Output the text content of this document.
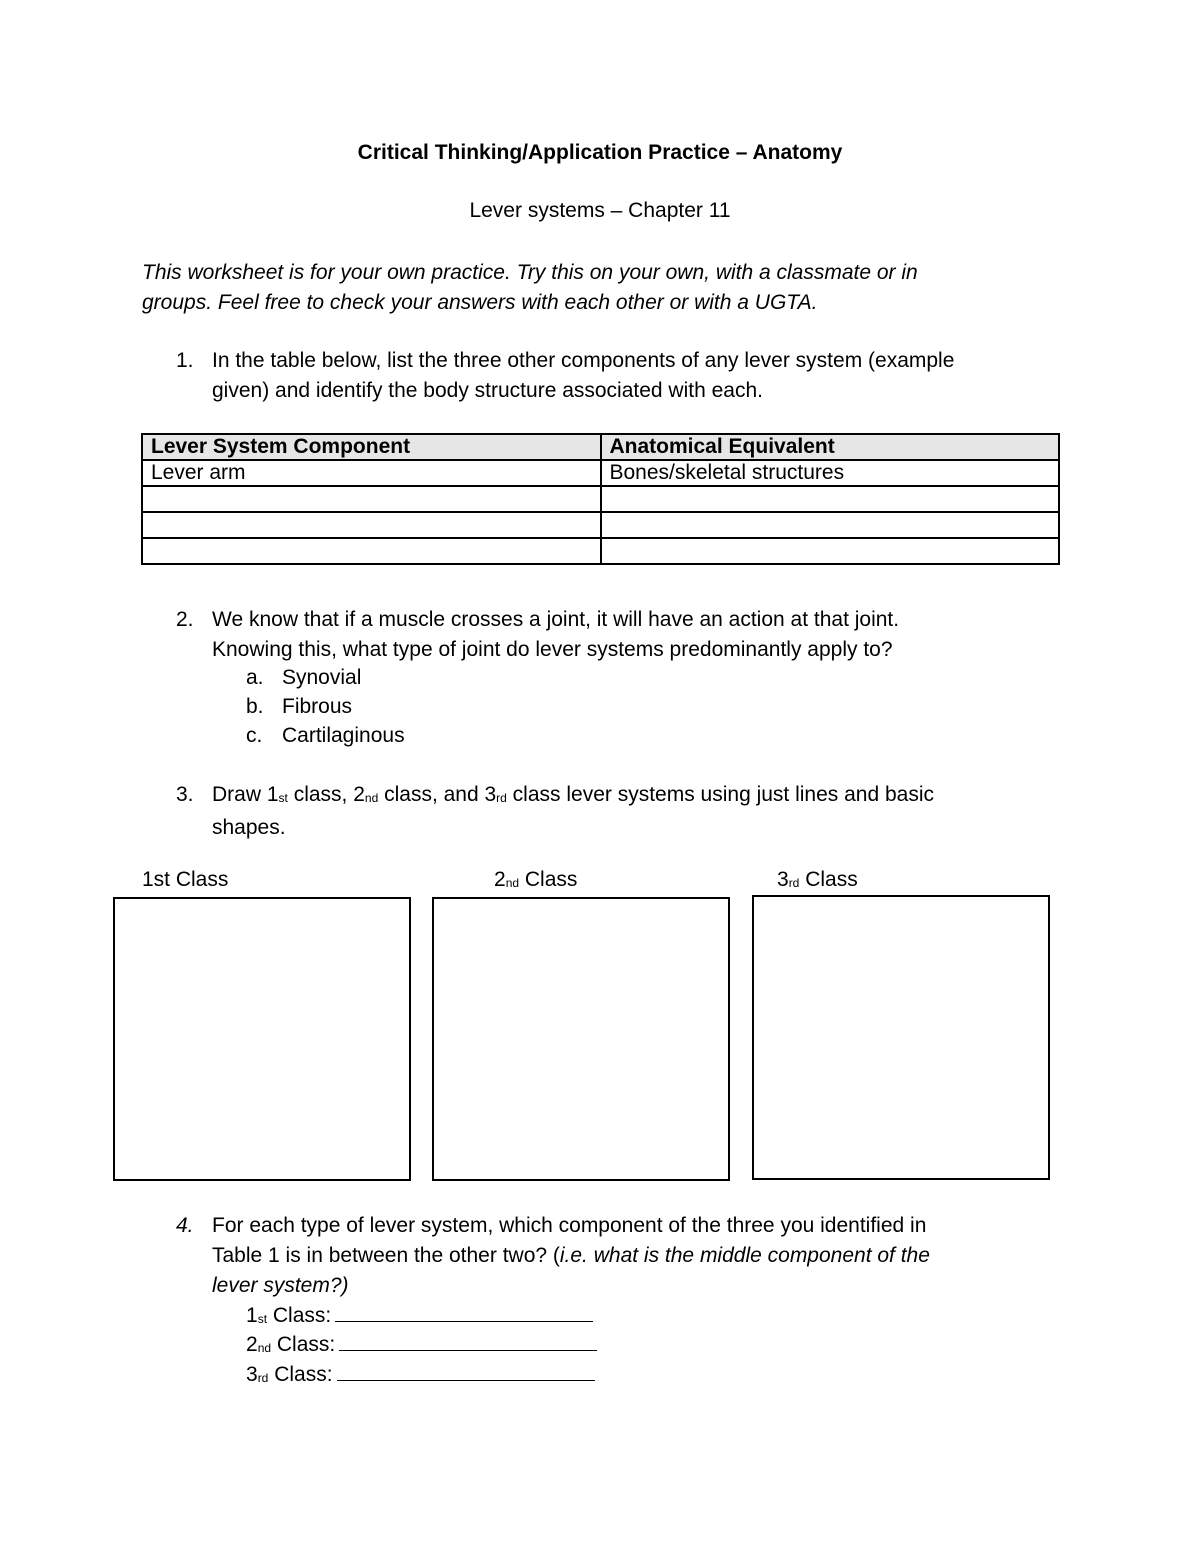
Critical Thinking/Application Practice – Anatomy
Lever systems – Chapter 11
This worksheet is for your own practice. Try this on your own, with a classmate or in
groups. Feel free to check your answers with each other or with a UGTA.
1. In the table below, list the three other components of any lever system (example
given) and identify the body structure associated with each.
Lever System Component	Anatomical Equivalent
Lever arm	Bones/skeletal structures

2. We know that if a muscle crosses a joint, it will have an action at that joint.
Knowing this, what type of joint do lever systems predominantly apply to?
a. Synovial
b. Fibrous
c. Cartilaginous
3. Draw $1_{st}$ class, $2_{nd}$ class, and $3_{rd}$ class lever systems using just lines and basic
shapes.
1st Class	$2_{nd}$ Class	$3_{rd}$ Class
4. For each type of lever system, which component of the three you identified in
Table 1 is in between the other two? (i.e. what is the middle component of the
lever system?)
$1_{st}$ Class:
$2_{nd}$ Class:
$3_{rd}$ Class:
